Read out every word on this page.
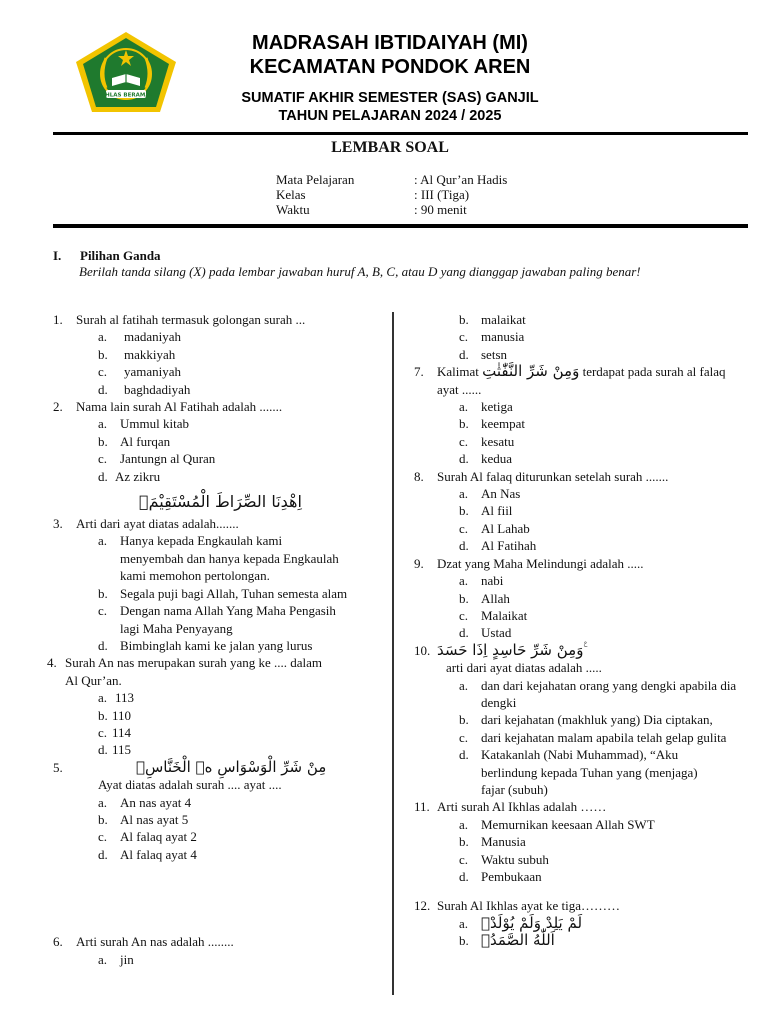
IKHLAS BERAMAL
MADRASAH IBTIDAIYAH (MI)
KECAMATAN PONDOK AREN
SUMATIF AKHIR SEMESTER (SAS) GANJIL
TAHUN PELAJARAN 2024 / 2025
LEMBAR SOAL
Mata Pelajaran	: Al Qur’an Hadis
Kelas	: III (Tiga)
Waktu	: 90 menit
I. Pilihan Ganda
Berilah tanda silang (X) pada lembar jawaban huruf A, B, C, atau D yang dianggap jawaban paling benar!
1.	Surah al fatihah termasuk golongan surah ...
a.	madaniyah
b.	makkiyah
c.	yamaniyah
d.	baghdadiyah
2.	Nama lain surah Al Fatihah adalah .......
a. Ummul kitab
b. Al furqan
c. Jantungn al Quran
d. Az zikru
اِهْدِنَا الصِّرَاطَ الْمُسْتَقِيْمَۙ
3.	Arti dari ayat diatas adalah.......
a. Hanya kepada Engkaulah kami menyembah dan hanya kepada Engkaulah kami memohon pertolongan.
b. Segala puji bagi Allah, Tuhan semesta alam
c. Dengan nama Allah Yang Maha Pengasih lagi Maha Penyayang
d. Bimbinglah kami ke jalan yang lurus
4. Surah An nas merupakan surah yang ke .... dalam Al Qur’an.
a. 113
b. 110
c. 114
d. 115
5.	مِنْ شَرِّ الْوَسْوَاسِ ەۙ الْخَنَّاسِۖ
Ayat diatas adalah surah .... ayat ....
a. An nas ayat 4
b. Al nas ayat 5
c. Al falaq ayat 2
d. Al falaq ayat 4
6.	Arti surah An nas adalah ........
a. jin
b. malaikat
c. manusia
d. setsn
7.	Kalimat وَمِنْ شَرِّ النَّفّٰثٰتِ terdapat pada surah al falaq ayat ......
a. ketiga
b. keempat
c. kesatu
d. kedua
8.	Surah Al falaq diturunkan setelah surah .......
a. An Nas
b. Al fiil
c. Al Lahab
d. Al Fatihah
9.	Dzat yang Maha Melindungi adalah .....
a. nabi
b. Allah
c. Malaikat
d. Ustad
10. وَمِنْ شَرِّ حَاسِدٍ اِذَا حَسَدَ ࣖ
arti dari ayat diatas adalah .....
a. dan dari kejahatan orang yang dengki apabila dia dengki
b. dari kejahatan (makhluk yang) Dia ciptakan,
c. dari kejahatan malam apabila telah gelap gulita
d. Katakanlah (Nabi Muhammad), “Aku berlindung kepada Tuhan yang (menjaga) fajar (subuh)
11. Arti surah Al Ikhlas adalah ……
a. Memurnikan keesaan Allah SWT
b. Manusia
c. Waktu subuh
d. Pembukaan
12. Surah Al Ikhlas ayat ke tiga………
a. لَمْ يَلِدْ وَلَمْ يُوْلَدْۙ
b. اَللّٰهُ الصَّمَدُۚ
